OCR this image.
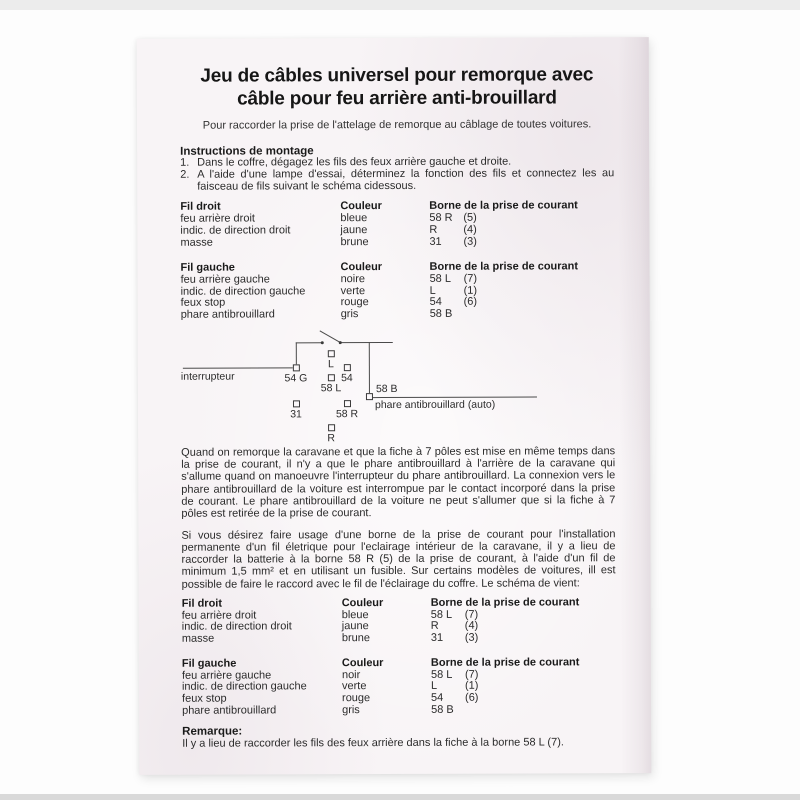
Jeu de câbles universel pour remorque avec
câble pour feu arrière anti-brouillard
Pour raccorder la prise de l'attelage de remorque au câblage de toutes voitures.
Instructions de montage
1. Dans le coffre, dégagez les fils des feux arrière gauche et droite.
2. A l'aide d'une lampe d'essai, déterminez la fonction des fils et connectez les au faisceau de fils suivant le schéma cidessous.
Fil droit	Couleur	Borne de la prise de courant
feu arrière droit	bleue	58 R (5)
indic. de direction droit	jaune	R	(4)
masse	brune	31	(3)
Fil gauche	Couleur	Borne de la prise de courant
feu arrière gauche	noire	58 L	(7)
indic. de direction gauche	verte	L	(1)
feux stop	rouge	54	(6)
phare antibrouillard	gris	58 B
interrupteur	54 G
L
54
58 L
31	58 R
R
58 B
phare antibrouillard (auto)
Quand on remorque la caravane et que la fiche à 7 pôles est mise en même temps dans la prise de courant, il n'y a que le phare antibrouillard à l'arrière de la caravane qui s'allume quand on manoeuvre l'interrupteur du phare antibrouillard. La connexion vers le phare antibrouillard de la voiture est interrompue par le contact incorporé dans la prise de courant. Le phare antibrouillard de la voiture ne peut s'allumer que si la fiche à 7 pôles est retirée de la prise de courant.
Si vous désirez faire usage d'une borne de la prise de courant pour l'installation permanente d'un fil életrique pour l'eclairage intérieur de la caravane, il y a lieu de raccorder la batterie à la borne 58 R (5) de la prise de courant, à l'aide d'un fil de minimum 1,5 mm² et en utilisant un fusible. Sur certains modèles de voitures, ill est possible de faire le raccord avec le fil de l'éclairage du coffre. Le schéma de vient:
Fil droit	Couleur	Borne de la prise de courant
feu arrière droit	bleue	58 L	(7)
indic. de direction droit	jaune	R	(4)
masse	brune	31	(3)
Fil gauche	Couleur	Borne de la prise de courant
feu arrière gauche	noir	58 L	(7)
indic. de direction gauche	verte	L	(1)
feux stop	rouge	54	(6)
phare antibrouillard	gris	58 B
Remarque:
Il y a lieu de raccorder les fils des feux arrière dans la fiche à la borne 58 L (7).
